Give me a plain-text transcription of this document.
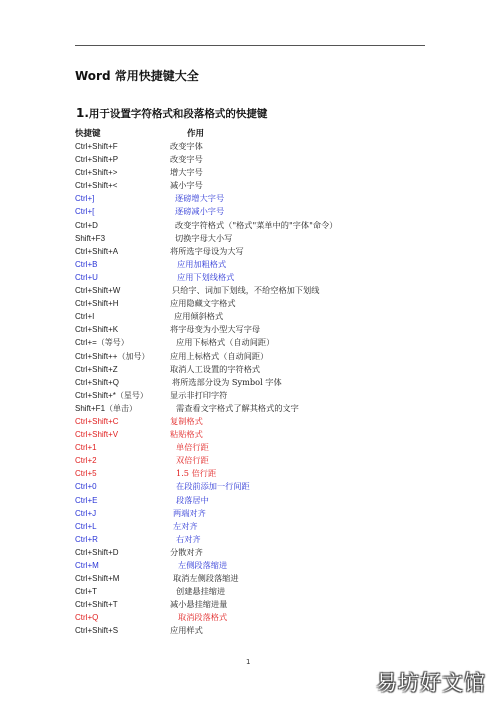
Word 常用快捷键大全
1.用于设置字符格式和段落格式的快捷键
快捷键	作用
Ctrl+Shift+F	改变字体
Ctrl+Shift+P	改变字号
Ctrl+Shift+>	增大字号
Ctrl+Shift+<	减小字号
Ctrl+]	逐磅增大字号
Ctrl+[	逐磅减小字号
Ctrl+D	改变字符格式（"格式"菜单中的"字体"命令）
Shift+F3	切换字母大小写
Ctrl+Shift+A	将所选字母设为大写
Ctrl+B	应用加粗格式
Ctrl+U	应用下划线格式
Ctrl+Shift+W	只给字、词加下划线，不给空格加下划线
Ctrl+Shift+H	应用隐藏文字格式
Ctrl+I	应用倾斜格式
Ctrl+Shift+K	将字母变为小型大写字母
Ctrl+=（等号）	应用下标格式（自动间距）
Ctrl+Shift++（加号）	应用上标格式（自动间距）
Ctrl+Shift+Z	取消人工设置的字符格式
Ctrl+Shift+Q	将所选部分设为 Symbol 字体
Ctrl+Shift+*（星号）	显示非打印字符
Shift+F1（单击）	需查看文字格式了解其格式的文字
Ctrl+Shift+C	复制格式
Ctrl+Shift+V	粘贴格式
Ctrl+1	单倍行距
Ctrl+2	双倍行距
Ctrl+5	1.5 倍行距
Ctrl+0	在段前添加一行间距
Ctrl+E	段落居中
Ctrl+J	两端对齐
Ctrl+L	左对齐
Ctrl+R	右对齐
Ctrl+Shift+D	分散对齐
Ctrl+M	左侧段落缩进
Ctrl+Shift+M	取消左侧段落缩进
Ctrl+T	创建悬挂缩进
Ctrl+Shift+T	减小悬挂缩进量
Ctrl+Q	取消段落格式
Ctrl+Shift+S	应用样式
1
易坊好文馆
